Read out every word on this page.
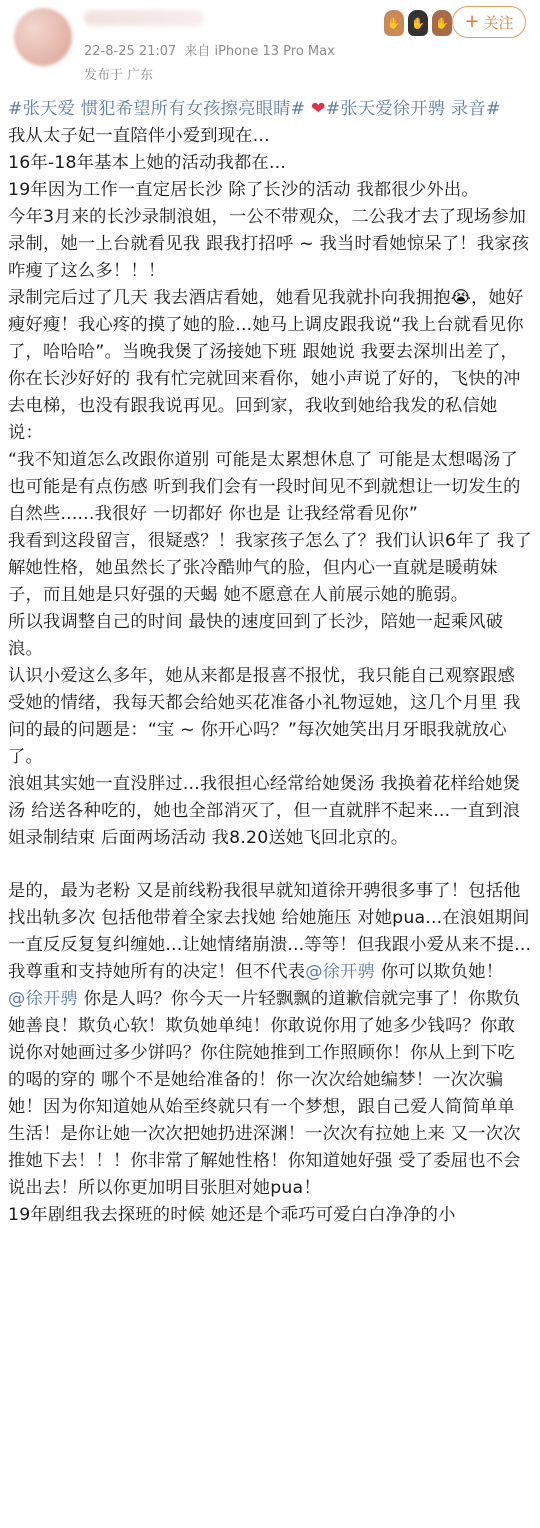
22-8-25 21:07 来自 iPhone 13 Pro Max
发布于 广东
✋ ✋ ✋ + 关注

#张天爱 惯犯希望所有女孩擦亮眼睛# ❤#张天爱徐开骋 录音#

我从太子妃一直陪伴小爱到现在...

16年-18年基本上她的活动我都在...

19年因为工作一直定居长沙 除了长沙的活动 我都很少外出。

今年3月来的长沙录制浪姐，一公不带观众，二公我才去了现场参加录制，她一上台就看见我 跟我打招呼 ~ 我当时看她惊呆了！我家孩咋瘦了这么多！！！

录制完后过了几天 我去酒店看她，她看见我就扑向我拥抱😭，她好瘦好瘦！我心疼的摸了她的脸...她马上调皮跟我说“我上台就看见你了，哈哈哈”。当晚我煲了汤接她下班 跟她说 我要去深圳出差了，你在长沙好好的 我有忙完就回来看你，她小声说了好的，飞快的冲去电梯，也没有跟我说再见。回到家，我收到她给我发的私信她说：

“我不知道怎么改跟你道别 可能是太累想休息了 可能是太想喝汤了 也可能是有点伤感 听到我们会有一段时间见不到就想让一切发生的自然些......我很好 一切都好 你也是 让我经常看见你”

我看到这段留言，很疑惑？！我家孩子怎么了？我们认识6年了 我了解她性格，她虽然长了张冷酷帅气的脸，但内心一直就是暖萌妹子，而且她是只好强的天蝎 她不愿意在人前展示她的脆弱。

所以我调整自己的时间 最快的速度回到了长沙，陪她一起乘风破浪。

认识小爱这么多年，她从来都是报喜不报忧，我只能自己观察跟感受她的情绪，我每天都会给她买花准备小礼物逗她，这几个月里 我问的最的问题是：“宝 ~ 你开心吗？”每次她笑出月牙眼我就放心了。

浪姐其实她一直没胖过...我很担心经常给她煲汤 我换着花样给她煲汤 给送各种吃的，她也全部消灭了，但一直就胖不起来...一直到浪姐录制结束 后面两场活动 我8.20送她飞回北京的。

是的，最为老粉 又是前线粉我很早就知道徐开骋很多事了！包括他找出轨多次 包括他带着全家去找她 给她施压 对她pua...在浪姐期间一直反反复复纠缠她...让她情绪崩溃...等等！但我跟小爱从来不提...我尊重和支持她所有的决定！但不代表@徐开骋 你可以欺负她！

@徐开骋 你是人吗？你今天一片轻飘飘的道歉信就完事了！你欺负她善良！欺负心软！欺负她单纯！你敢说你用了她多少钱吗？你敢说你对她画过多少饼吗？你住院她推到工作照顾你！你从上到下吃的喝的穿的 哪个不是她给准备的！你一次次给她编梦！一次次骗她！因为你知道她从始至终就只有一个梦想，跟自己爱人简简单单生活！是你让她一次次把她扔进深渊！一次次有拉她上来 又一次次推她下去！！！你非常了解她性格！你知道她好强 受了委屈也不会说出去！所以你更加明目张胆对她pua！

19年剧组我去探班的时候 她还是个乖巧可爱白白净净的小
